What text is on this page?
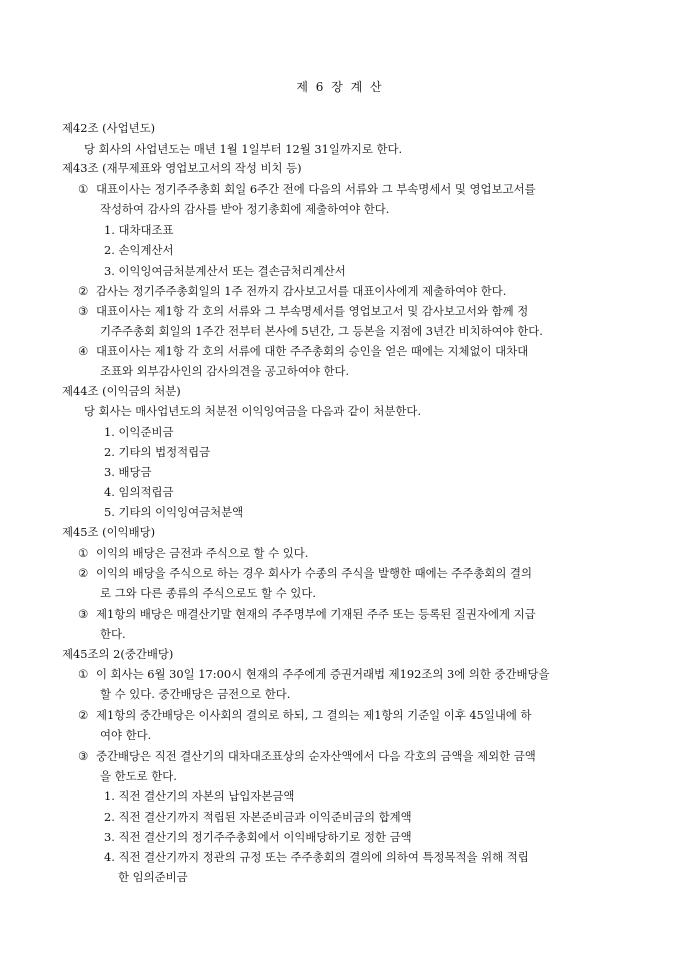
제 6 장 계 산
제42조 (사업년도)
당 회사의 사업년도는 매년 1월 1일부터 12월 31일까지로 한다.
제43조 (재무제표와 영업보고서의 작성 비치 등)
① 대표이사는 정기주주총회 회일 6주간 전에 다음의 서류와 그 부속명세서 및 영업보고서를
작성하여 감사의 감사를 받아 정기총회에 제출하여야 한다.
1. 대차대조표
2. 손익계산서
3. 이익잉여금처분계산서 또는 결손금처리계산서
② 감사는 정기주주총회일의 1주 전까지 감사보고서를 대표이사에게 제출하여야 한다.
③ 대표이사는 제1항 각 호의 서류와 그 부속명세서를 영업보고서 및 감사보고서와 함께 정
기주주총회 회일의 1주간 전부터 본사에 5년간, 그 등본을 지점에 3년간 비치하여야 한다.
④ 대표이사는 제1항 각 호의 서류에 대한 주주총회의 승인을 얻은 때에는 지체없이 대차대
조표와 외부감사인의 감사의견을 공고하여야 한다.
제44조 (이익금의 처분)
당 회사는 매사업년도의 처분전 이익잉여금을 다음과 같이 처분한다.
1. 이익준비금
2. 기타의 법정적립금
3. 배당금
4. 임의적립금
5. 기타의 이익잉여금처분액
제45조 (이익배당)
① 이익의 배당은 금전과 주식으로 할 수 있다.
② 이익의 배당을 주식으로 하는 경우 회사가 수종의 주식을 발행한 때에는 주주총회의 결의
로 그와 다른 종류의 주식으로도 할 수 있다.
③ 제1항의 배당은 매결산기말 현재의 주주명부에 기재된 주주 또는 등록된 질권자에게 지급
한다.
제45조의 2(중간배당)
① 이 회사는 6월 30일 17:00시 현재의 주주에게 증권거래법 제192조의 3에 의한 중간배당을
할 수 있다. 중간배당은 금전으로 한다.
② 제1항의 중간배당은 이사회의 결의로 하되, 그 결의는 제1항의 기준일 이후 45일내에 하
여야 한다.
③ 중간배당은 직전 결산기의 대차대조표상의 순자산액에서 다음 각호의 금액을 제외한 금액
을 한도로 한다.
1. 직전 결산기의 자본의 납입자본금액
2. 직전 결산기까지 적립된 자본준비금과 이익준비금의 합계액
3. 직전 결산기의 정기주주총회에서 이익배당하기로 정한 금액
4. 직전 결산기까지 정관의 규정 또는 주주총회의 결의에 의하여 특정목적을 위해 적립
한 임의준비금
